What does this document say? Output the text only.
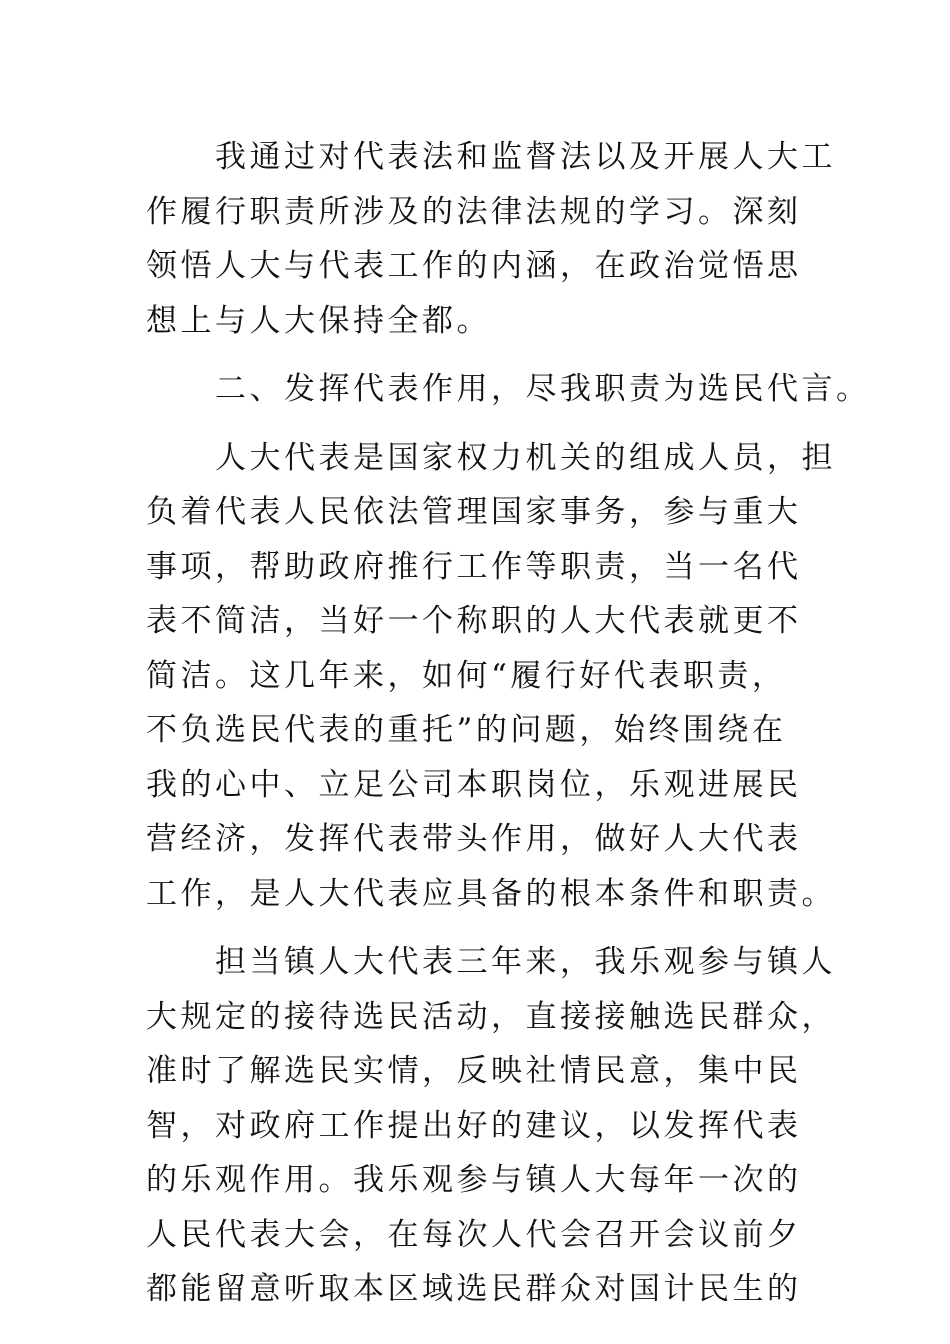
　　我通过对代表法和监督法以及开展人大工
作履行职责所涉及的法律法规的学习。深刻
领悟人大与代表工作的内涵，在政治觉悟思
想上与人大保持全都。
　　二、发挥代表作用，尽我职责为选民代言。
　　人大代表是国家权力机关的组成人员，担
负着代表人民依法管理国家事务，参与重大
事项，帮助政府推行工作等职责，当一名代
表不简洁，当好一个称职的人大代表就更不
简洁。这几年来，如何“履行好代表职责，
不负选民代表的重托”的问题，始终围绕在
我的心中、立足公司本职岗位，乐观进展民
营经济，发挥代表带头作用，做好人大代表
工作，是人大代表应具备的根本条件和职责。
　　担当镇人大代表三年来，我乐观参与镇人
大规定的接待选民活动，直接接触选民群众，
准时了解选民实情，反映社情民意，集中民
智，对政府工作提出好的建议，以发挥代表
的乐观作用。我乐观参与镇人大每年一次的
人民代表大会，在每次人代会召开会议前夕
都能留意听取本区域选民群众对国计民生的
